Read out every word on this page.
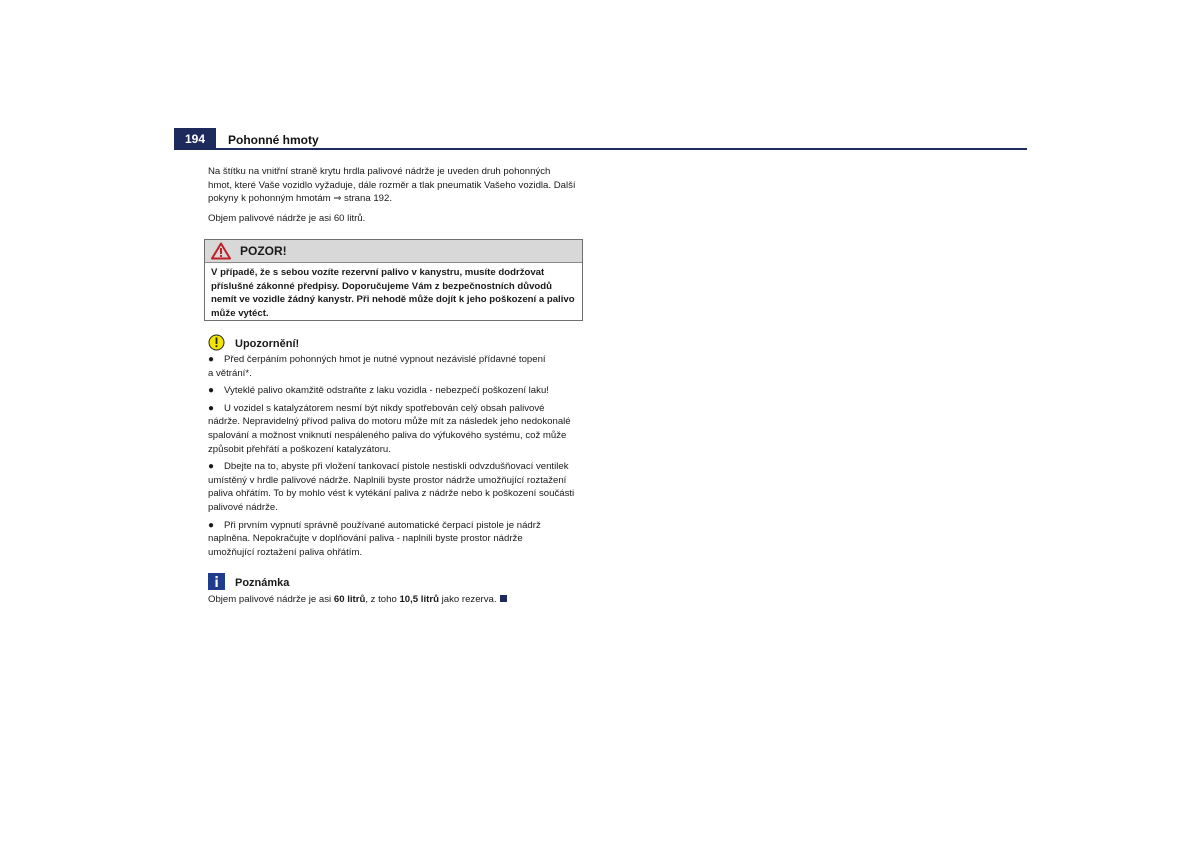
194	Pohonné hmoty

Na štítku na vnitřní straně krytu hrdla palivové nádrže je uveden druh pohonných

hmot, které Vaše vozidlo vyžaduje, dále rozměr a tlak pneumatik Vašeho vozidla. Další

pokyny k pohonným hmotám ⇒ strana 192.

Objem palivové nádrže je asi 60 litrů.

POZOR!

V případě, že s sebou vozíte rezervní palivo v kanystru, musíte dodržovat

příslušné zákonné předpisy. Doporučujeme Vám z bezpečnostních důvodů

nemít ve vozidle žádný kanystr. Při nehodě může dojít k jeho poškození a palivo

může vytéct.

Upozornění!

● Před čerpáním pohonných hmot je nutné vypnout nezávislé přídavné topení

a větrání*.

● Vyteklé palivo okamžitě odstraňte z laku vozidla - nebezpečí poškození laku!

● U vozidel s katalyzátorem nesmí být nikdy spotřebován celý obsah palivové

nádrže. Nepravidelný přívod paliva do motoru může mít za následek jeho nedokonalé

spalování a možnost vniknutí nespáleného paliva do výfukového systému, což může

způsobit přehřátí a poškození katalyzátoru.

● Dbejte na to, abyste při vložení tankovací pistole nestiskli odvzdušňovací ventilek

umístěný v hrdle palivové nádrže. Naplnili byste prostor nádrže umožňující roztažení

paliva ohřátím. To by mohlo vést k vytékání paliva z nádrže nebo k poškození součásti

palivové nádrže.

● Při prvním vypnutí správně používané automatické čerpací pistole je nádrž

naplněna. Nepokračujte v doplňování paliva - naplnili byste prostor nádrže

umožňující roztažení paliva ohřátím.

Poznámka

Objem palivové nádrže je asi 60 litrů, z toho 10,5 litrů jako rezerva.
